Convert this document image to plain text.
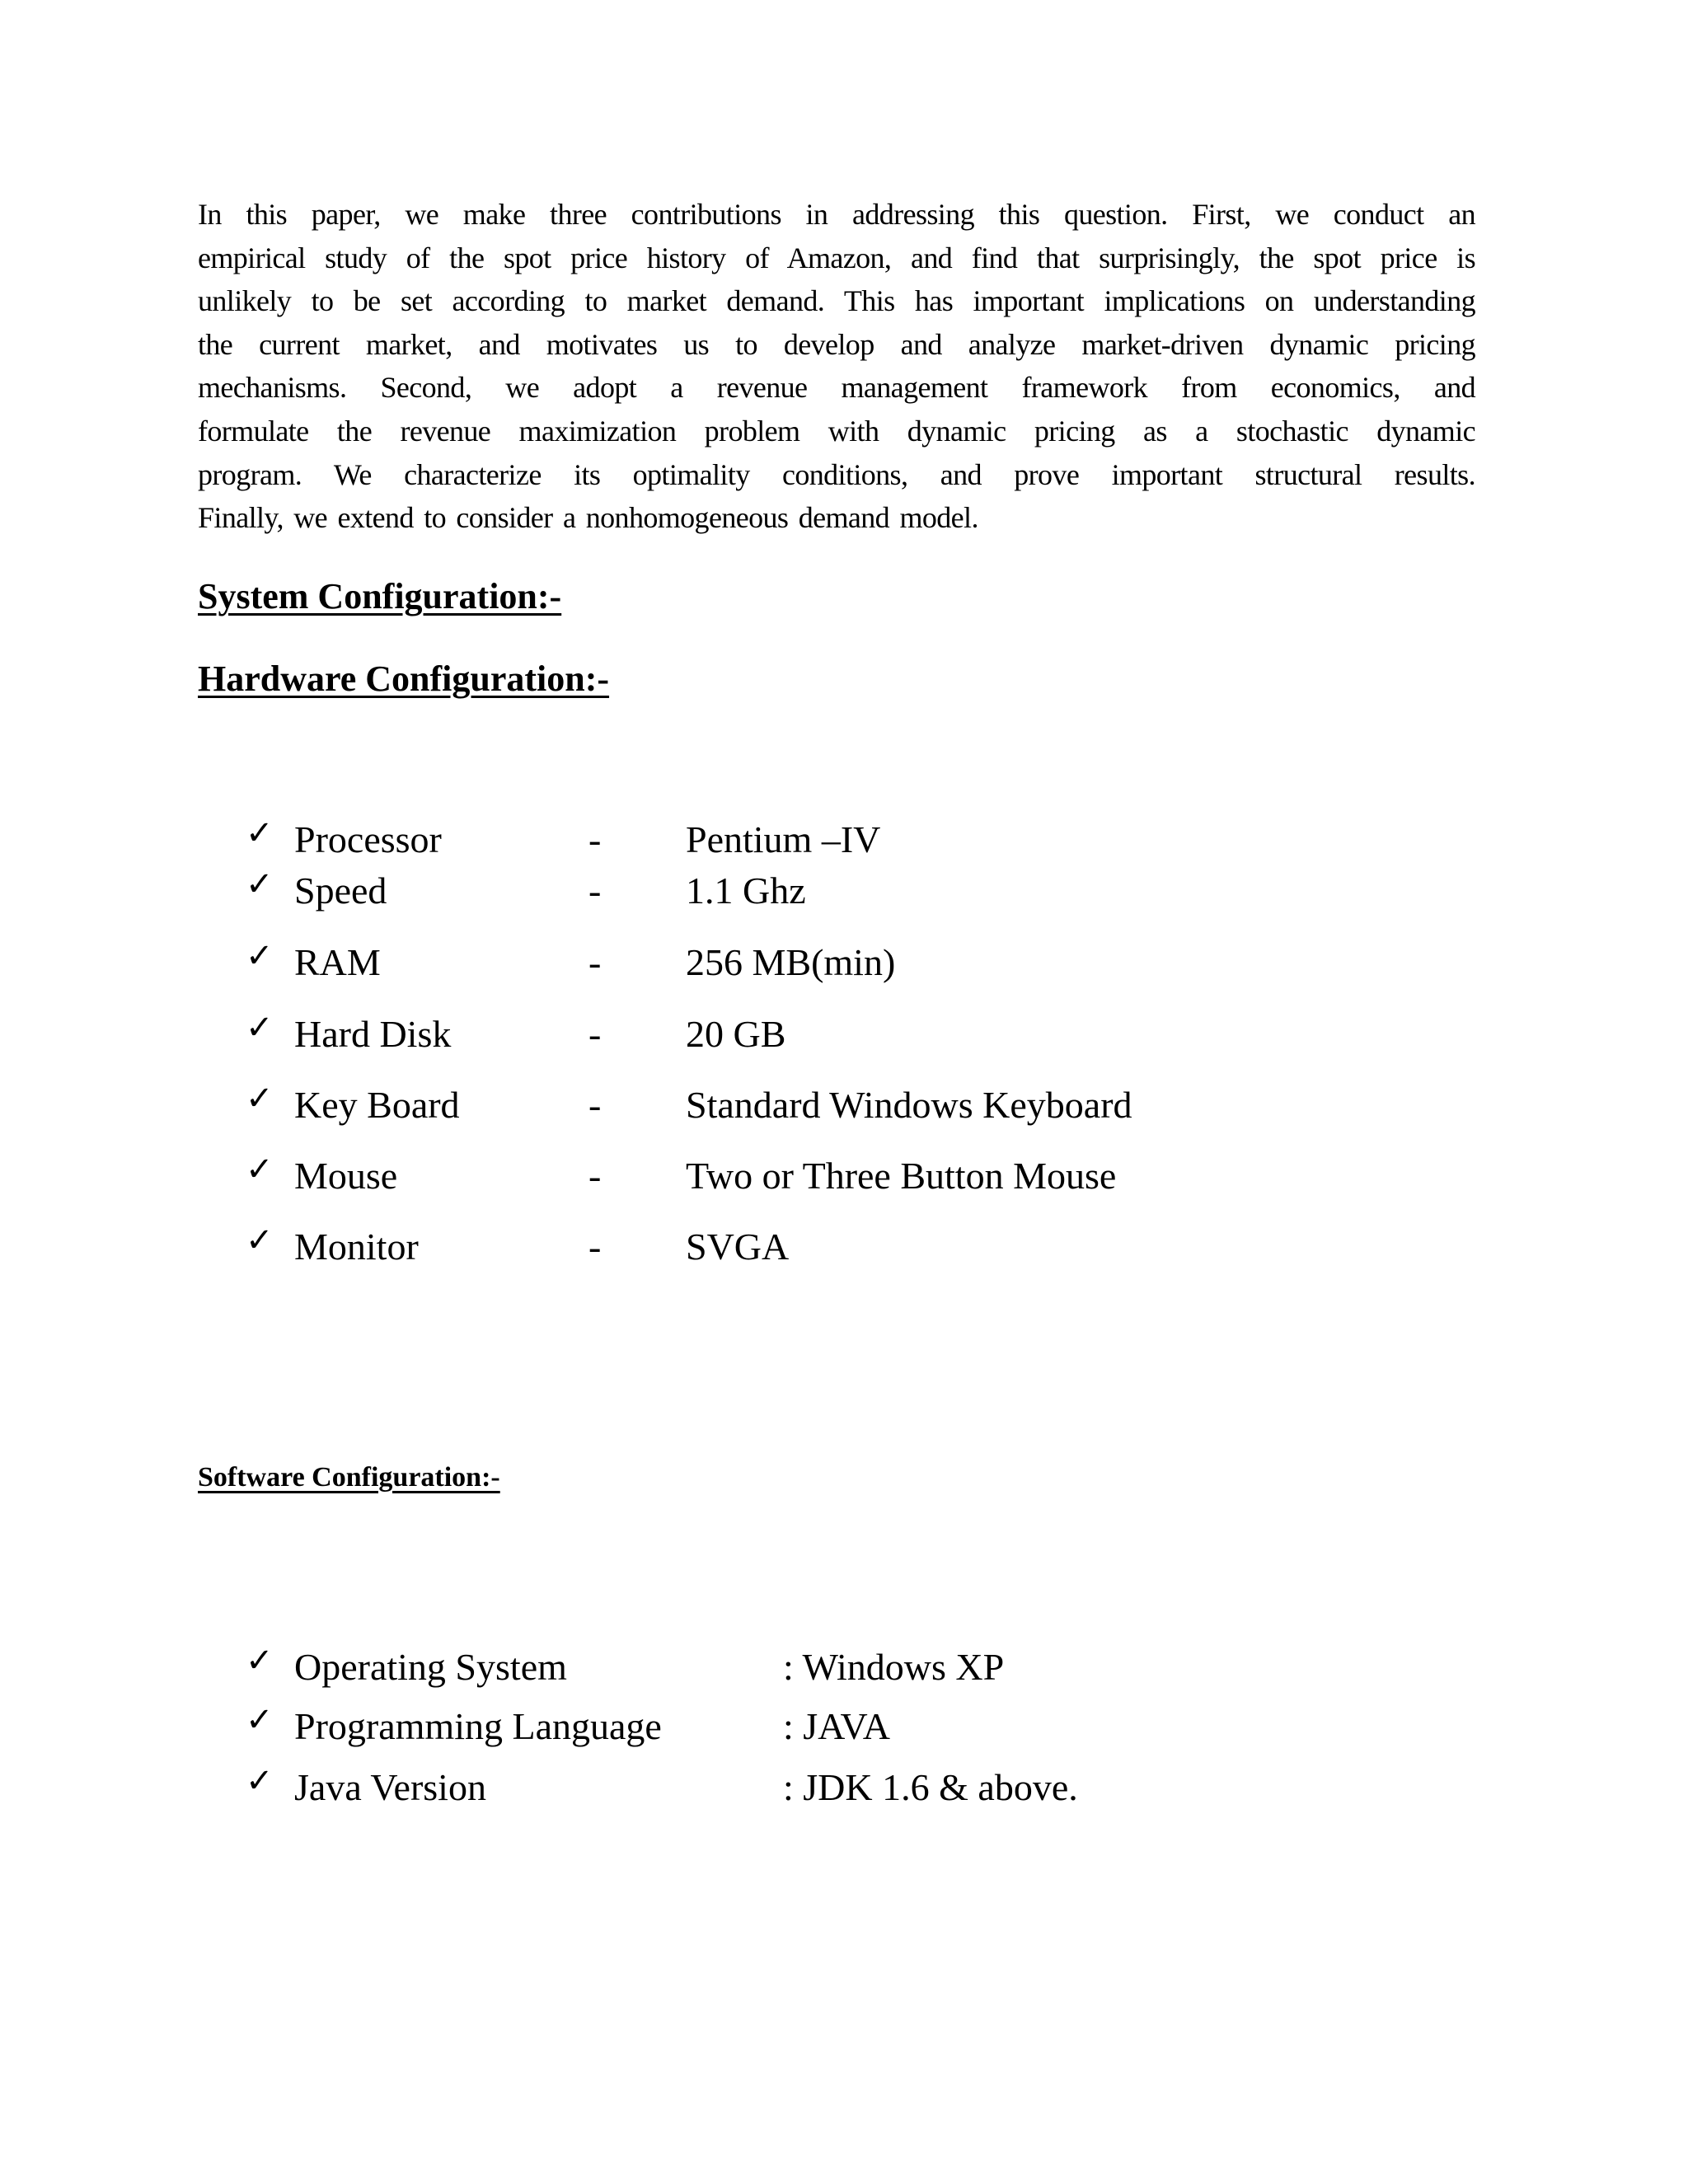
In this paper, we make three contributions in addressing this question. First, we conduct an
empirical study of the spot price history of Amazon, and find that surprisingly, the spot price is
unlikely to be set according to market demand. This has important implications on understanding
the current market, and motivates us to develop and analyze market-driven dynamic pricing
mechanisms. Second, we adopt a revenue management framework from economics, and
formulate the revenue maximization problem with dynamic pricing as a stochastic dynamic
program. We characterize its optimality conditions, and prove important structural results.
Finally, we extend to consider a nonhomogeneous demand model.
System Configuration:-
Hardware Configuration:-
✓ Processor	- Pentium –IV
✓ Speed	- 1.1 Ghz
✓ RAM	- 256 MB(min)
✓ Hard Disk	- 20 GB
✓ Key Board	- Standard Windows Keyboard
✓ Mouse	- Two or Three Button Mouse
✓ Monitor	- SVGA
Software Configuration:-
✓ Operating System	: Windows XP
✓ Programming Language	: JAVA
✓ Java Version	: JDK 1.6 & above.
